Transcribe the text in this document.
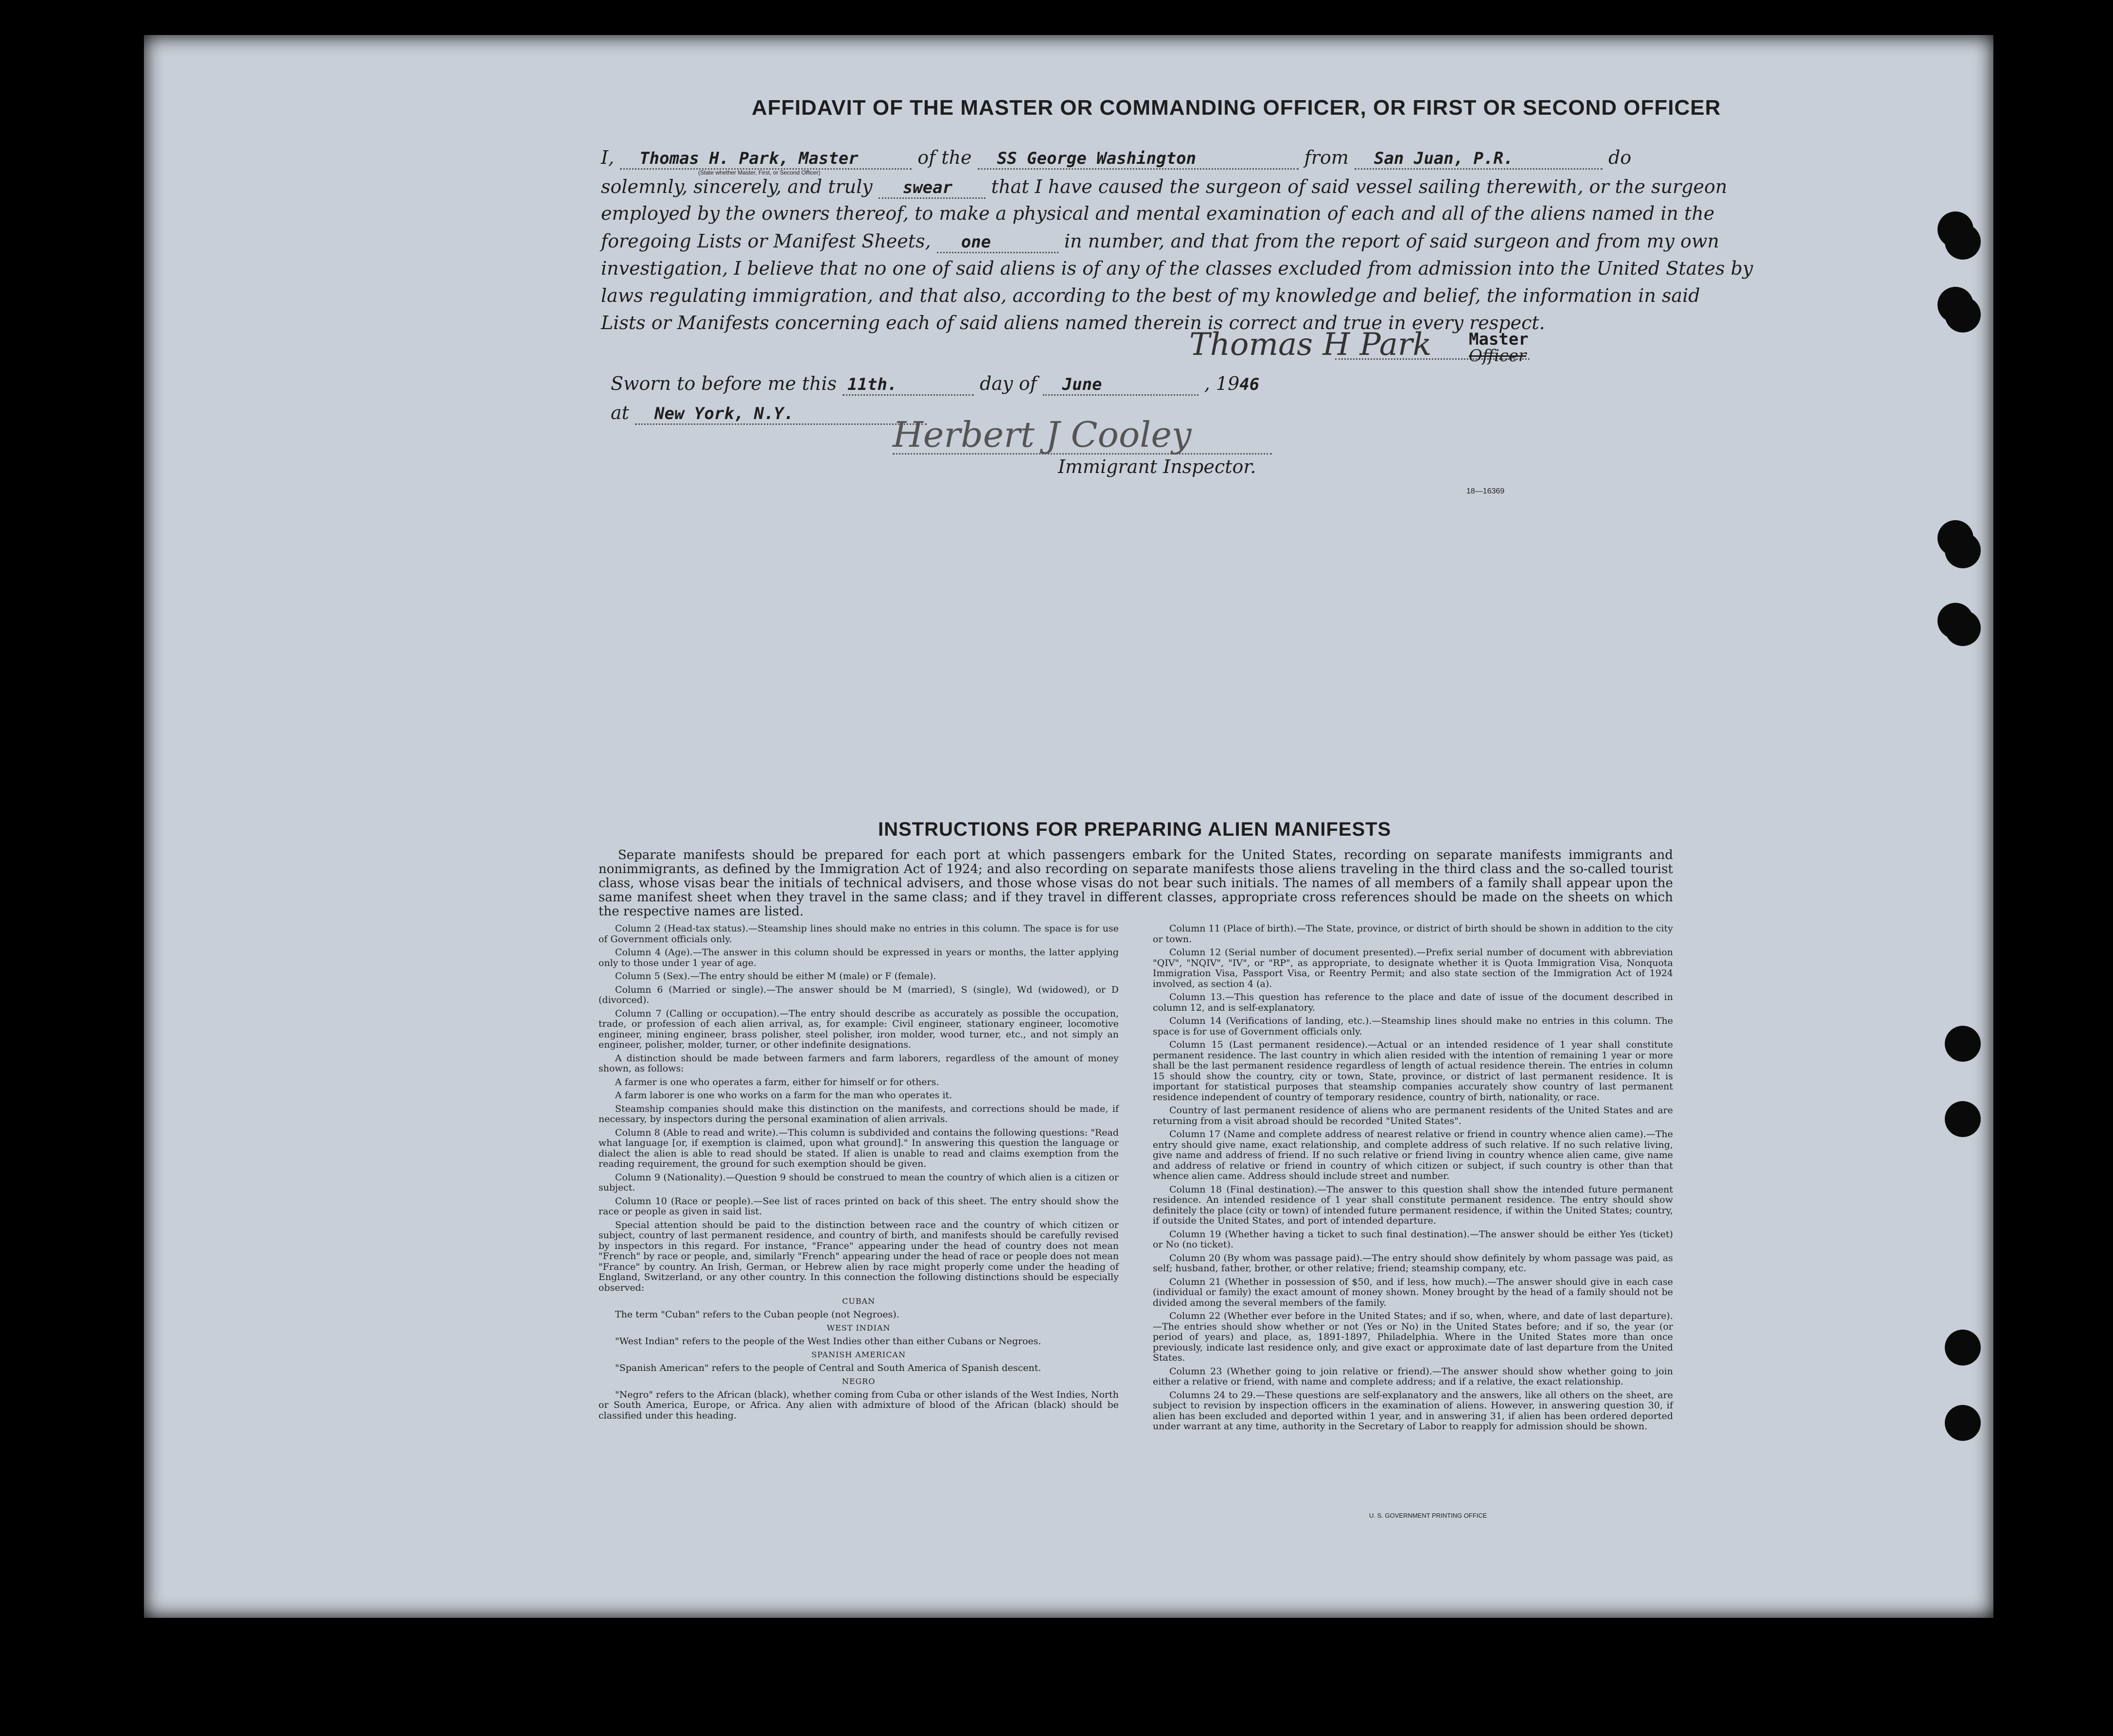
AFFIDAVIT OF THE MASTER OR COMMANDING OFFICER, OR FIRST OR SECOND OFFICER
I, Thomas H. Park, Master	of the SS George Washington	from San Juan, P.R.	do
(State whether Master, First, or Second Officer)
solemnly, sincerely, and truly swear that I have caused the surgeon of said vessel sailing therewith, or the surgeon
employed by the owners thereof, to make a physical and mental examination of each and all of the aliens named in the
foregoing Lists or Manifest Sheets, one	in number, and that from the report of said surgeon and from my own
investigation, I believe that no one of said aliens is of any of the classes excluded from admission into the United States by
laws regulating immigration, and that also, according to the best of my knowledge and belief, the information in said
Lists or Manifests concerning each of said aliens named therein is correct and true in every respect.
Thomas H Park Master
Officer
Sworn to before me this 11th.	day of June	, 1946
at New York, N.Y.
Herbert J Cooley
Immigrant Inspector.
18—16369
INSTRUCTIONS FOR PREPARING ALIEN MANIFESTS
Separate manifests should be prepared for each port at which passengers embark for the United States, recording on separate manifests immigrants and nonimmigrants, as defined by the Immigration Act of 1924; and also recording on separate manifests those aliens traveling in the third class and the so-called tourist class, whose visas bear the initials of technical advisers, and those whose visas do not bear such initials. The names of all members of a family shall appear upon the same manifest sheet when they travel in the same class; and if they travel in different classes, appropriate cross references should be made on the sheets on which the respective names are listed.

Column 2 (Head-tax status).—Steamship lines should make no entries in this column. The space is for use of Government officials only.

Column 4 (Age).—The answer in this column should be expressed in years or months, the latter applying only to those under 1 year of age.

Column 5 (Sex).—The entry should be either M (male) or F (female).

Column 6 (Married or single).—The answer should be M (married), S (single), Wd (widowed), or D (divorced).

Column 7 (Calling or occupation).—The entry should describe as accurately as possible the occupation, trade, or profession of each alien arrival, as, for example: Civil engineer, stationary engineer, locomotive engineer, mining engineer, brass polisher, steel polisher, iron molder, wood turner, etc., and not simply an engineer, polisher, molder, turner, or other indefinite designations.

A distinction should be made between farmers and farm laborers, regardless of the amount of money shown, as follows:

A farmer is one who operates a farm, either for himself or for others.

A farm laborer is one who works on a farm for the man who operates it.

Steamship companies should make this distinction on the manifests, and corrections should be made, if necessary, by inspectors during the personal examination of alien arrivals.

Column 8 (Able to read and write).—This column is subdivided and contains the following questions: "Read what language [or, if exemption is claimed, upon what ground]." In answering this question the language or dialect the alien is able to read should be stated. If alien is unable to read and claims exemption from the reading requirement, the ground for such exemption should be given.

Column 9 (Nationality).—Question 9 should be construed to mean the country of which alien is a citizen or subject.

Column 10 (Race or people).—See list of races printed on back of this sheet. The entry should show the race or people as given in said list.

Special attention should be paid to the distinction between race and the country of which citizen or subject, country of last permanent residence, and country of birth, and manifests should be carefully revised by inspectors in this regard. For instance, "France" appearing under the head of country does not mean "French" by race or people, and, similarly "French" appearing under the head of race or people does not mean "France" by country. An Irish, German, or Hebrew alien by race might properly come under the heading of England, Switzerland, or any other country. In this connection the following distinctions should be especially observed:

CUBAN

The term "Cuban" refers to the Cuban people (not Negroes).

WEST INDIAN

"West Indian" refers to the people of the West Indies other than either Cubans or Negroes.

SPANISH AMERICAN

"Spanish American" refers to the people of Central and South America of Spanish descent.

NEGRO

"Negro" refers to the African (black), whether coming from Cuba or other islands of the West Indies, North or South America, Europe, or Africa. Any alien with admixture of blood of the African (black) should be classified under this heading.

Column 11 (Place of birth).—The State, province, or district of birth should be shown in addition to the city or town.

Column 12 (Serial number of document presented).—Prefix serial number of document with abbreviation "QIV", "NQIV", "IV", or "RP", as appropriate, to designate whether it is Quota Immigration Visa, Nonquota Immigration Visa, Passport Visa, or Reentry Permit; and also state section of the Immigration Act of 1924 involved, as section 4 (a).

Column 13.—This question has reference to the place and date of issue of the document described in column 12, and is self-explanatory.

Column 14 (Verifications of landing, etc.).—Steamship lines should make no entries in this column. The space is for use of Government officials only.

Column 15 (Last permanent residence).—Actual or an intended residence of 1 year shall constitute permanent residence. The last country in which alien resided with the intention of remaining 1 year or more shall be the last permanent residence regardless of length of actual residence therein. The entries in column 15 should show the country, city or town, State, province, or district of last permanent residence. It is important for statistical purposes that steamship companies accurately show country of last permanent residence independent of country of temporary residence, country of birth, nationality, or race.

Country of last permanent residence of aliens who are permanent residents of the United States and are returning from a visit abroad should be recorded "United States".

Column 17 (Name and complete address of nearest relative or friend in country whence alien came).—The entry should give name, exact relationship, and complete address of such relative. If no such relative living, give name and address of friend. If no such relative or friend living in country whence alien came, give name and address of relative or friend in country of which citizen or subject, if such country is other than that whence alien came. Address should include street and number.

Column 18 (Final destination).—The answer to this question shall show the intended future permanent residence. An intended residence of 1 year shall constitute permanent residence. The entry should show definitely the place (city or town) of intended future permanent residence, if within the United States; country, if outside the United States, and port of intended departure.

Column 19 (Whether having a ticket to such final destination).—The answer should be either Yes (ticket) or No (no ticket).

Column 20 (By whom was passage paid).—The entry should show definitely by whom passage was paid, as self; husband, father, brother, or other relative; friend; steamship company, etc.

Column 21 (Whether in possession of $50, and if less, how much).—The answer should give in each case (individual or family) the exact amount of money shown. Money brought by the head of a family should not be divided among the several members of the family.

Column 22 (Whether ever before in the United States; and if so, when, where, and date of last departure).—The entries should show whether or not (Yes or No) in the United States before; and if so, the year (or period of years) and place, as, 1891-1897, Philadelphia. Where in the United States more than once previously, indicate last residence only, and give exact or approximate date of last departure from the United States.

Column 23 (Whether going to join relative or friend).—The answer should show whether going to join either a relative or friend, with name and complete address; and if a relative, the exact relationship.

Columns 24 to 29.—These questions are self-explanatory and the answers, like all others on the sheet, are subject to revision by inspection officers in the examination of aliens. However, in answering question 30, if alien has been excluded and deported within 1 year, and in answering 31, if alien has been ordered deported under warrant at any time, authority in the Secretary of Labor to reapply for admission should be shown.

U. S. GOVERNMENT PRINTING OFFICE
